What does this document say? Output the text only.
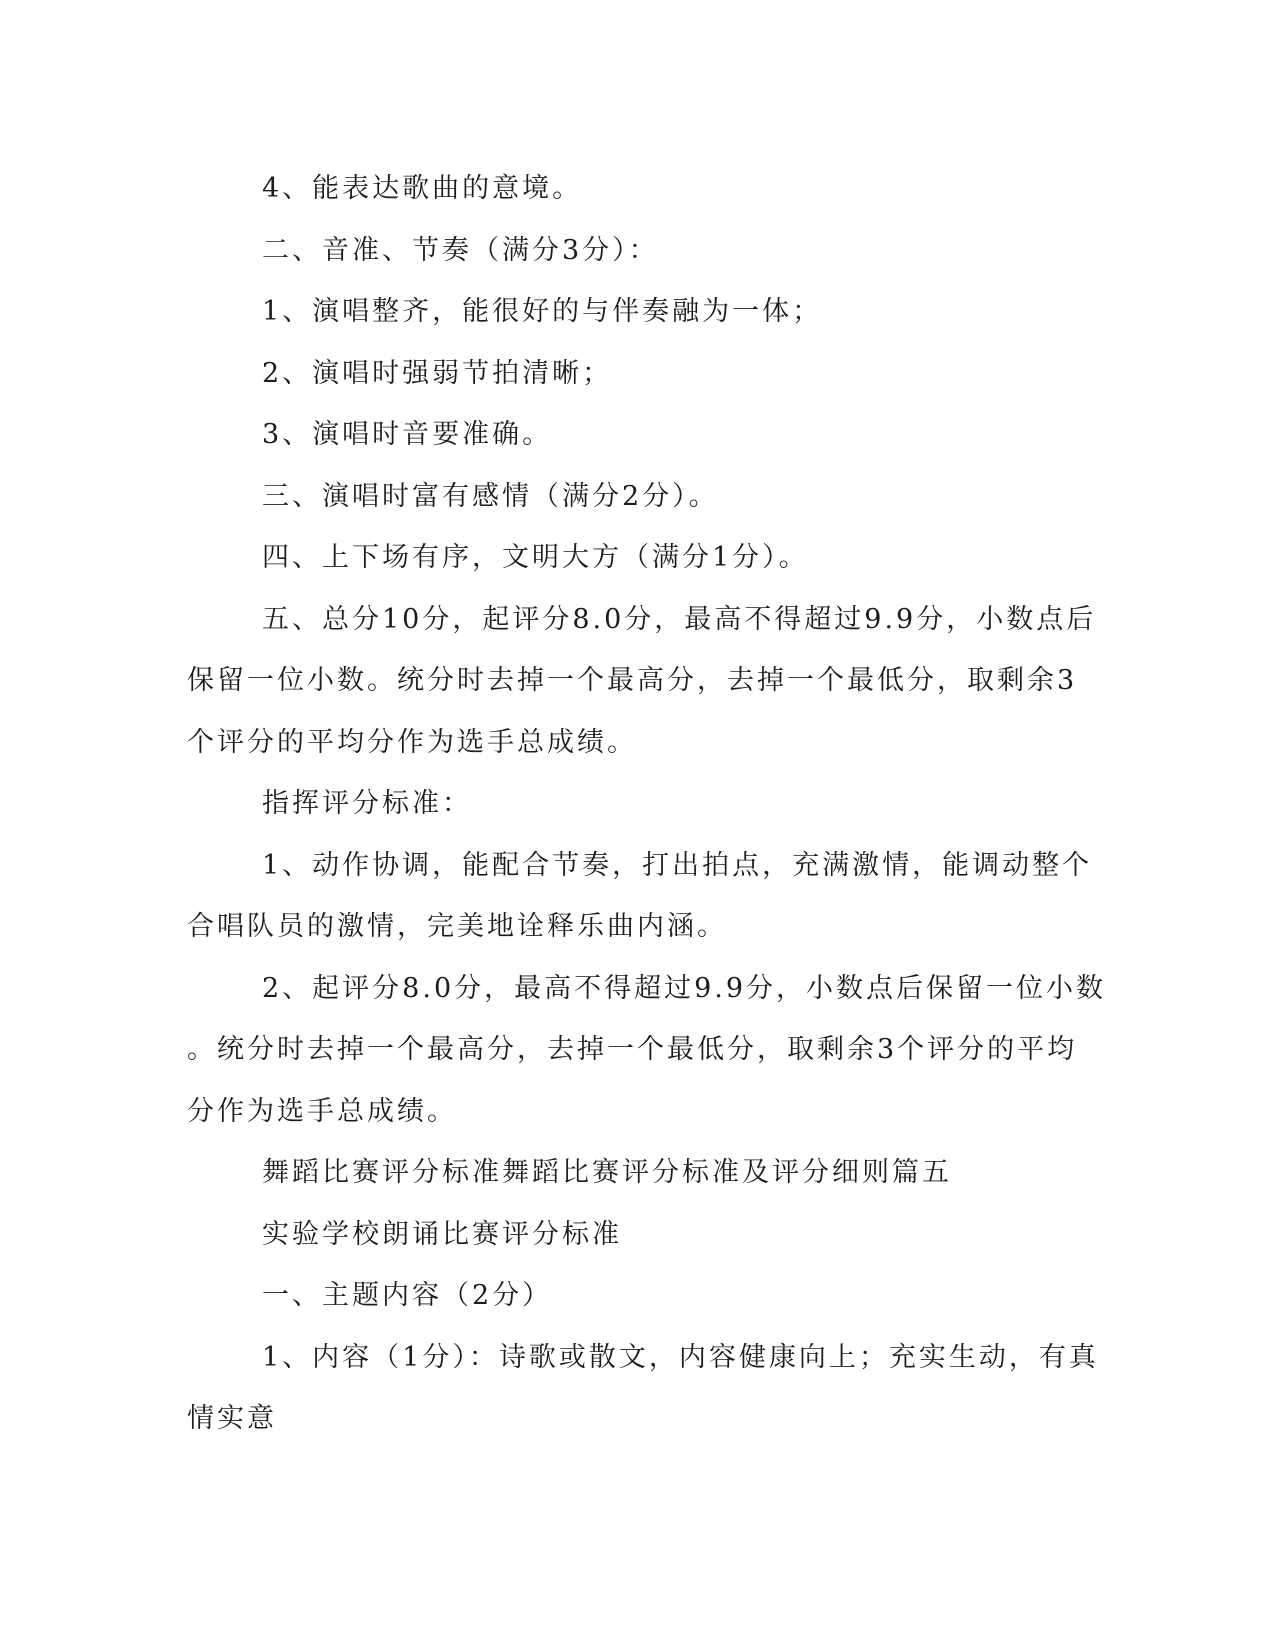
4、能表达歌曲的意境。

二、音准、节奏（满分3分）：

1、演唱整齐，能很好的与伴奏融为一体；

2、演唱时强弱节拍清晰；

3、演唱时音要准确。

三、演唱时富有感情（满分2分）。

四、上下场有序，文明大方（满分1分）。

五、总分10分，起评分8.0分，最高不得超过9.9分，小数点后
保留一位小数。统分时去掉一个最高分，去掉一个最低分，取剩余3
个评分的平均分作为选手总成绩。

指挥评分标准：

1、动作协调，能配合节奏，打出拍点，充满激情，能调动整个
合唱队员的激情，完美地诠释乐曲内涵。
2、起评分8.0分，最高不得超过9.9分，小数点后保留一位小数
。统分时去掉一个最高分，去掉一个最低分，取剩余3个评分的平均
分作为选手总成绩。

舞蹈比赛评分标准舞蹈比赛评分标准及评分细则篇五

实验学校朗诵比赛评分标准

一、主题内容（2分）

1、内容（1分）：诗歌或散文，内容健康向上；充实生动，有真
情实意
